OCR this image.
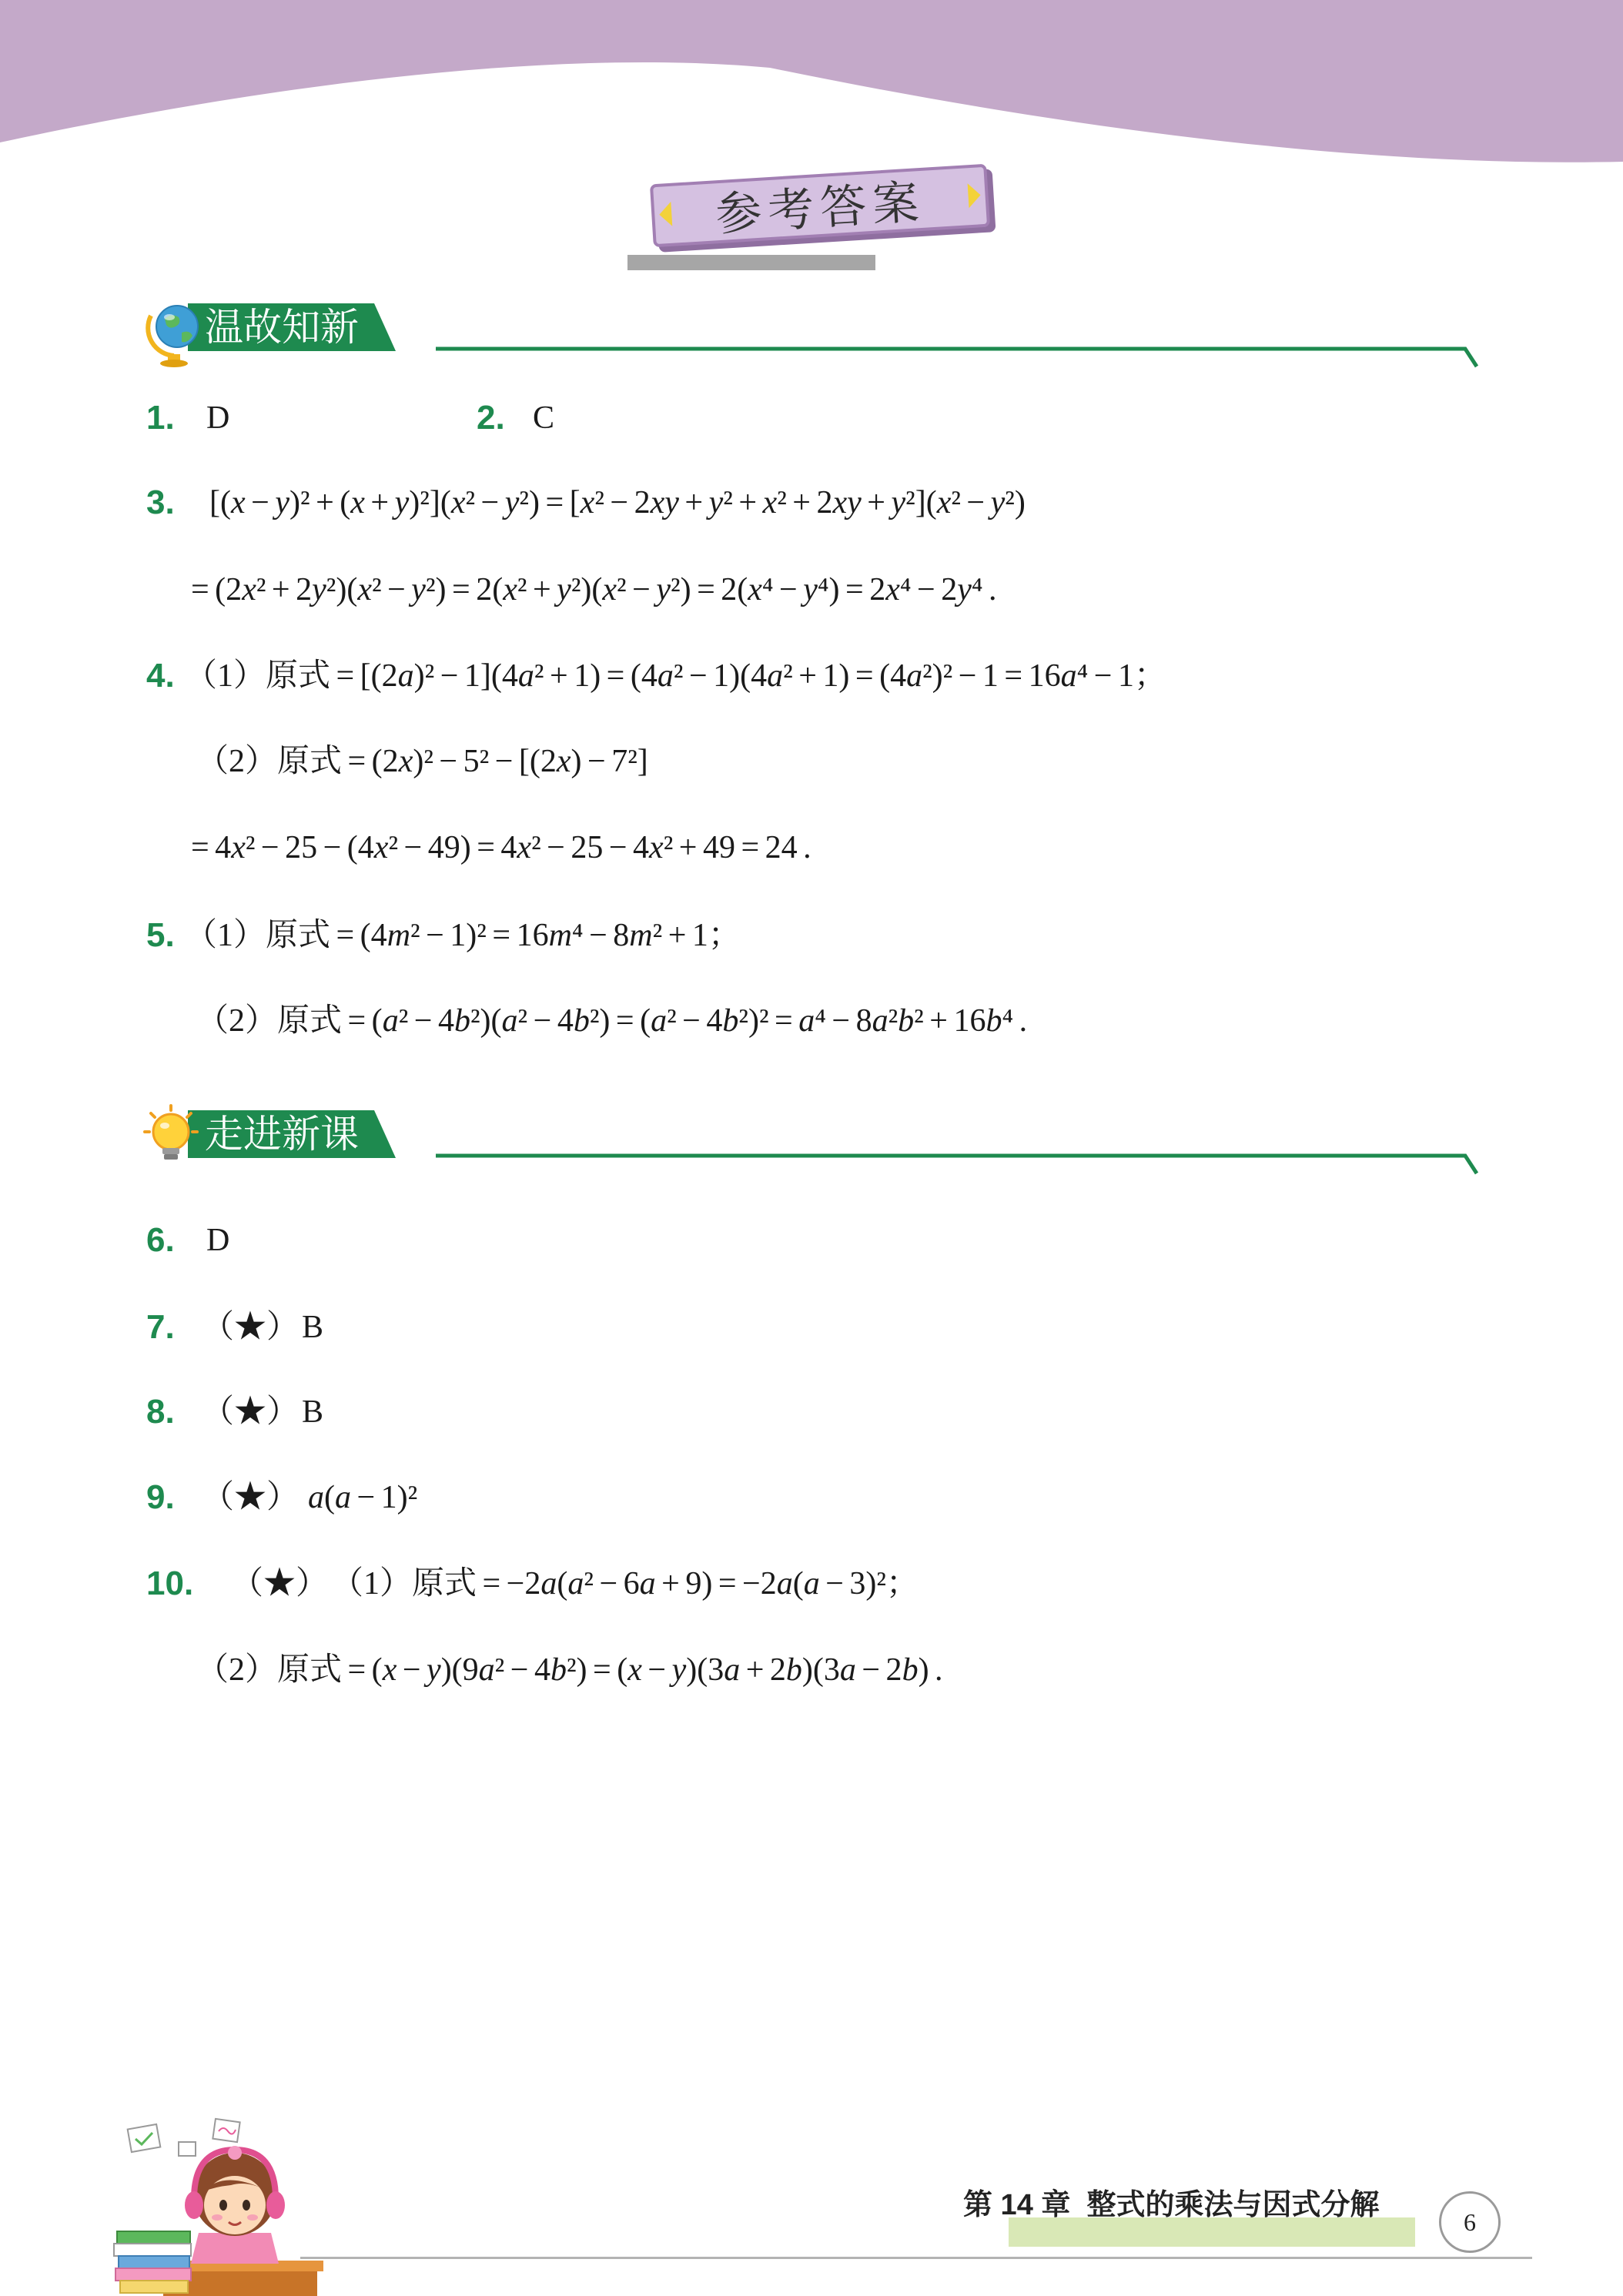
参考答案
温故知新
1. D	2. C
3. [(x − y)² + (x + y)²](x² − y²) = [x² − 2xy + y² + x² + 2xy + y²](x² − y²)
= (2x² + 2y²)(x² − y²) = 2(x² + y²)(x² − y²) = 2(x⁴ − y⁴) = 2x⁴ − 2y⁴ .
4. （1）原式 = [(2a)² − 1](4a² + 1) = (4a² − 1)(4a² + 1) = (4a²)² − 1 = 16a⁴ − 1；
（2）原式 = (2x)² − 5² − [(2x) − 7²]
= 4x² − 25 − (4x² − 49) = 4x² − 25 − 4x² + 49 = 24 .
5. （1）原式 = (4m² − 1)² = 16m⁴ − 8m² + 1；
（2）原式 = (a² − 4b²)(a² − 4b²) = (a² − 4b²)² = a⁴ − 8a²b² + 16b⁴ .
走进新课
6. D
7. （★） B
8. （★） B
9. （★） a(a − 1)²
10. （★） （1）原式 = −2a(a² − 6a + 9) = −2a(a − 3)²；
（2）原式 = (x − y)(9a² − 4b²) = (x − y)(3a + 2b)(3a − 2b) .
第 14 章  整式的乘法与因式分解
6
